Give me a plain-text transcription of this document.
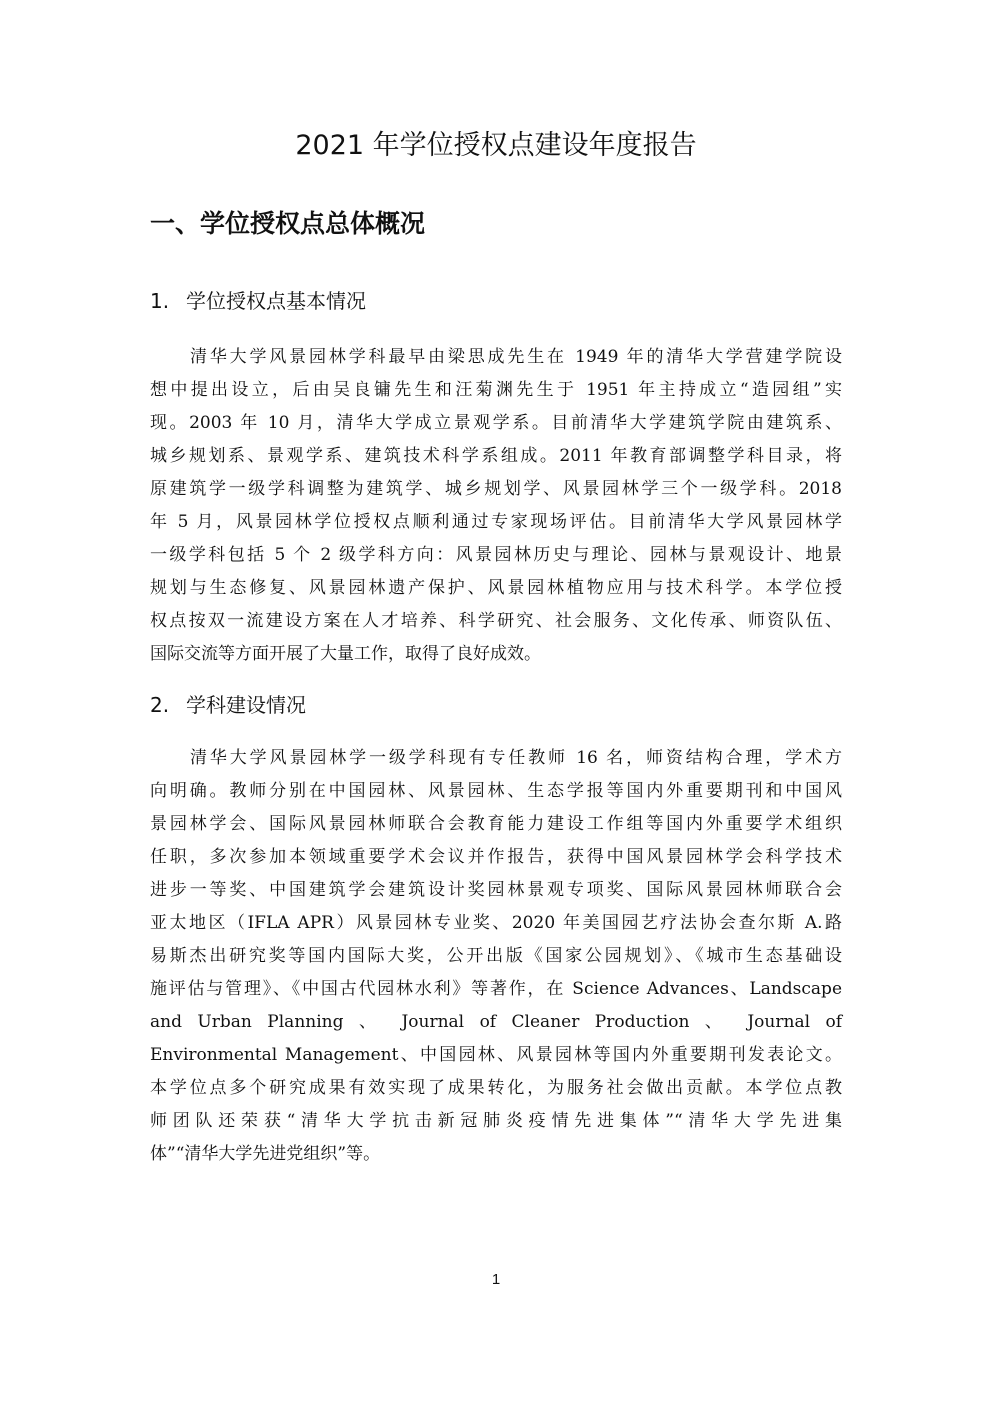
2021 年学位授权点建设年度报告
一、学位授权点总体概况
1. 学位授权点基本情况
清华大学风景园林学科最早由梁思成先生在 1949 年的清华大学营建学院设
想中提出设立，后由吴良镛先生和汪菊渊先生于 1951 年主持成立“造园组”实
现。2003 年 10 月，清华大学成立景观学系。目前清华大学建筑学院由建筑系、
城乡规划系、景观学系、建筑技术科学系组成。2011 年教育部调整学科目录，将
原建筑学一级学科调整为建筑学、城乡规划学、风景园林学三个一级学科。2018
年 5 月，风景园林学位授权点顺利通过专家现场评估。目前清华大学风景园林学
一级学科包括 5 个 2 级学科方向：风景园林历史与理论、园林与景观设计、地景
规划与生态修复、风景园林遗产保护、风景园林植物应用与技术科学。本学位授
权点按双一流建设方案在人才培养、科学研究、社会服务、文化传承、师资队伍、
国际交流等方面开展了大量工作，取得了良好成效。
2. 学科建设情况
清华大学风景园林学一级学科现有专任教师 16 名，师资结构合理，学术方
向明确。教师分别在中国园林、风景园林、生态学报等国内外重要期刊和中国风
景园林学会、国际风景园林师联合会教育能力建设工作组等国内外重要学术组织
任职，多次参加本领域重要学术会议并作报告，获得中国风景园林学会科学技术
进步一等奖、中国建筑学会建筑设计奖园林景观专项奖、国际风景园林师联合会
亚太地区（IFLA APR）风景园林专业奖、2020 年美国园艺疗法协会查尔斯 A.路
易斯杰出研究奖等国内国际大奖，公开出版《国家公园规划》、《城市生态基础设
施评估与管理》、《中国古代园林水利》等著作，在 Science Advances、Landscape
and Urban Planning 、 Journal of Cleaner Production 、 Journal of
Environmental Management、中国园林、风景园林等国内外重要期刊发表论文。
本学位点多个研究成果有效实现了成果转化，为服务社会做出贡献。本学位点教
师团队还荣获“清华大学抗击新冠肺炎疫情先进集体”“清华大学先进集
体”“清华大学先进党组织”等。
1
